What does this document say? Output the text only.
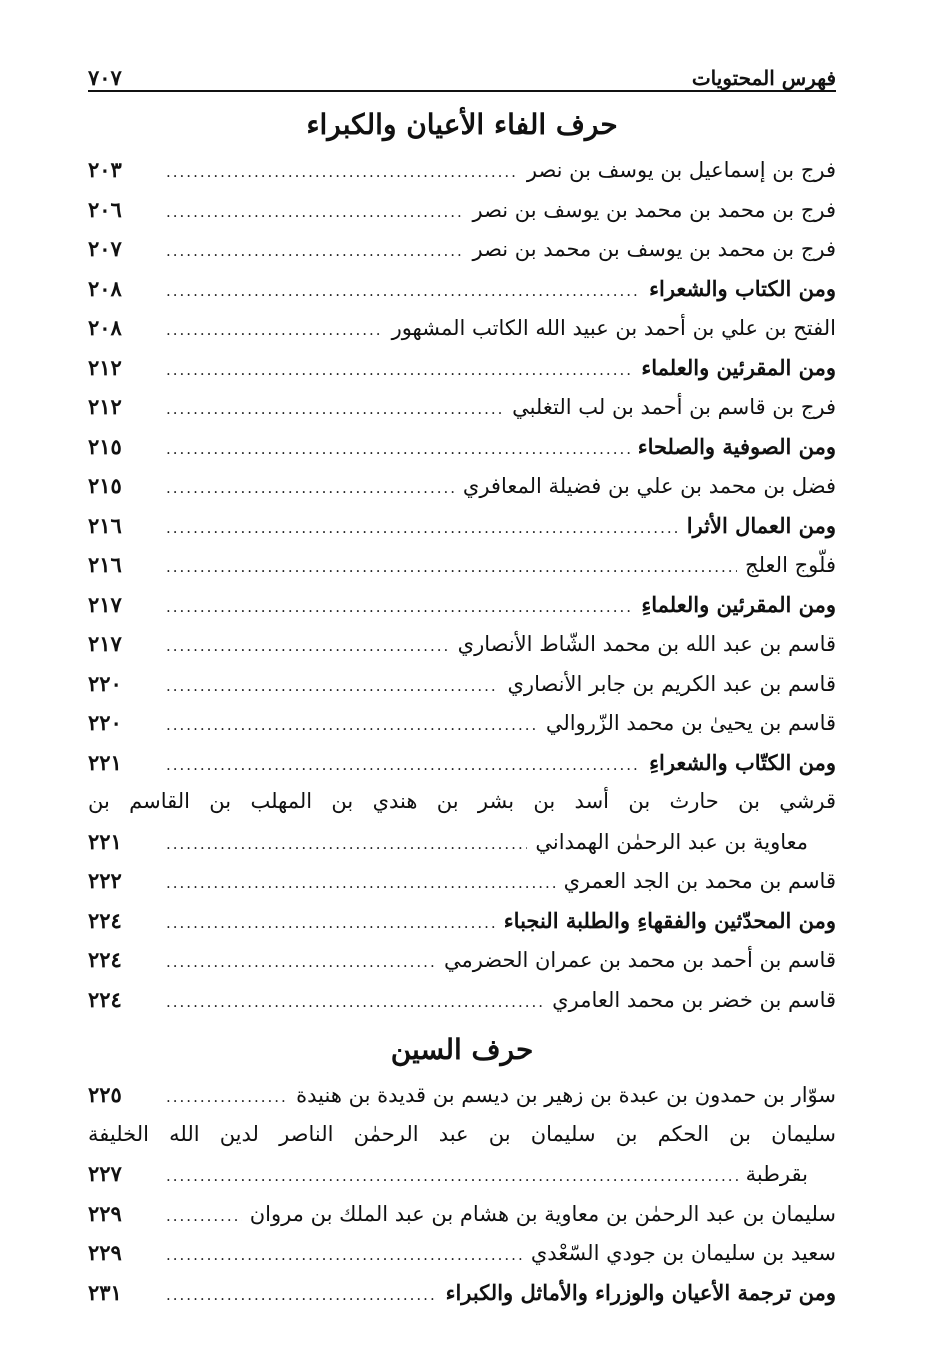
فهرس المحتويات
٧٠٧
حرف الفاء الأعيان والكبراء
فرج بن إسماعيل بن يوسف بن نصر
.....
٢٠٣
فرج بن محمد بن محمد بن يوسف بن نصر
.....
٢٠٦
فرج بن محمد بن يوسف بن محمد بن نصر
.....
٢٠٧
ومن الكتاب والشعراء
.....
٢٠٨
الفتح بن علي بن أحمد بن عبيد الله الكاتب المشهور
.....
٢٠٨
ومن المقرئين والعلماء
.....
٢١٢
فرج بن قاسم بن أحمد بن لب التغلبي
.....
٢١٢
ومن الصوفية والصلحاء
.....
٢١٥
فضل بن محمد بن علي بن فضيلة المعافري
.....
٢١٥
ومن العمال الأثرا
.....
٢١٦
فلّوج العلج
.....
٢١٦
ومن المقرئين والعلماءِ
.....
٢١٧
قاسم بن عبد الله بن محمد الشّاط الأنصاري
.....
٢١٧
قاسم بن عبد الكريم بن جابر الأنصاري
.....
٢٢٠
قاسم بن يحيىٰ بن محمد الزّروالي
.....
٢٢٠
ومن الكتّاب والشعراءِ
.....
٢٢١
قرشي بن حارث بن أسد بن بشر بن هندي بن المهلب بن القاسم بن
معاوية بن عبد الرحمٰن الهمداني
.....
٢٢١
قاسم بن محمد بن الجد العمري
.....
٢٢٢
ومن المحدّثين والفقهاءِ والطلبة النجباء
.....
٢٢٤
قاسم بن أحمد بن محمد بن عمران الحضرمي
.....
٢٢٤
قاسم بن خضر بن محمد العامري
.....
٢٢٤
حرف السين
سوّار بن حمدون بن عبدة بن زهير بن ديسم بن قديدة بن هنيدة
.....
٢٢٥
سليمان بن الحكم بن سليمان بن عبد الرحمٰن الناصر لدين الله الخليفة
بقرطبة
.....
٢٢٧
سليمان بن عبد الرحمٰن بن معاوية بن هشام بن عبد الملك بن مروان
.....
٢٢٩
سعيد بن سليمان بن جودي السّعْدي
.....
٢٢٩
ومن ترجمة الأعيان والوزراء والأماثل والكبراء
.....
٢٣١
